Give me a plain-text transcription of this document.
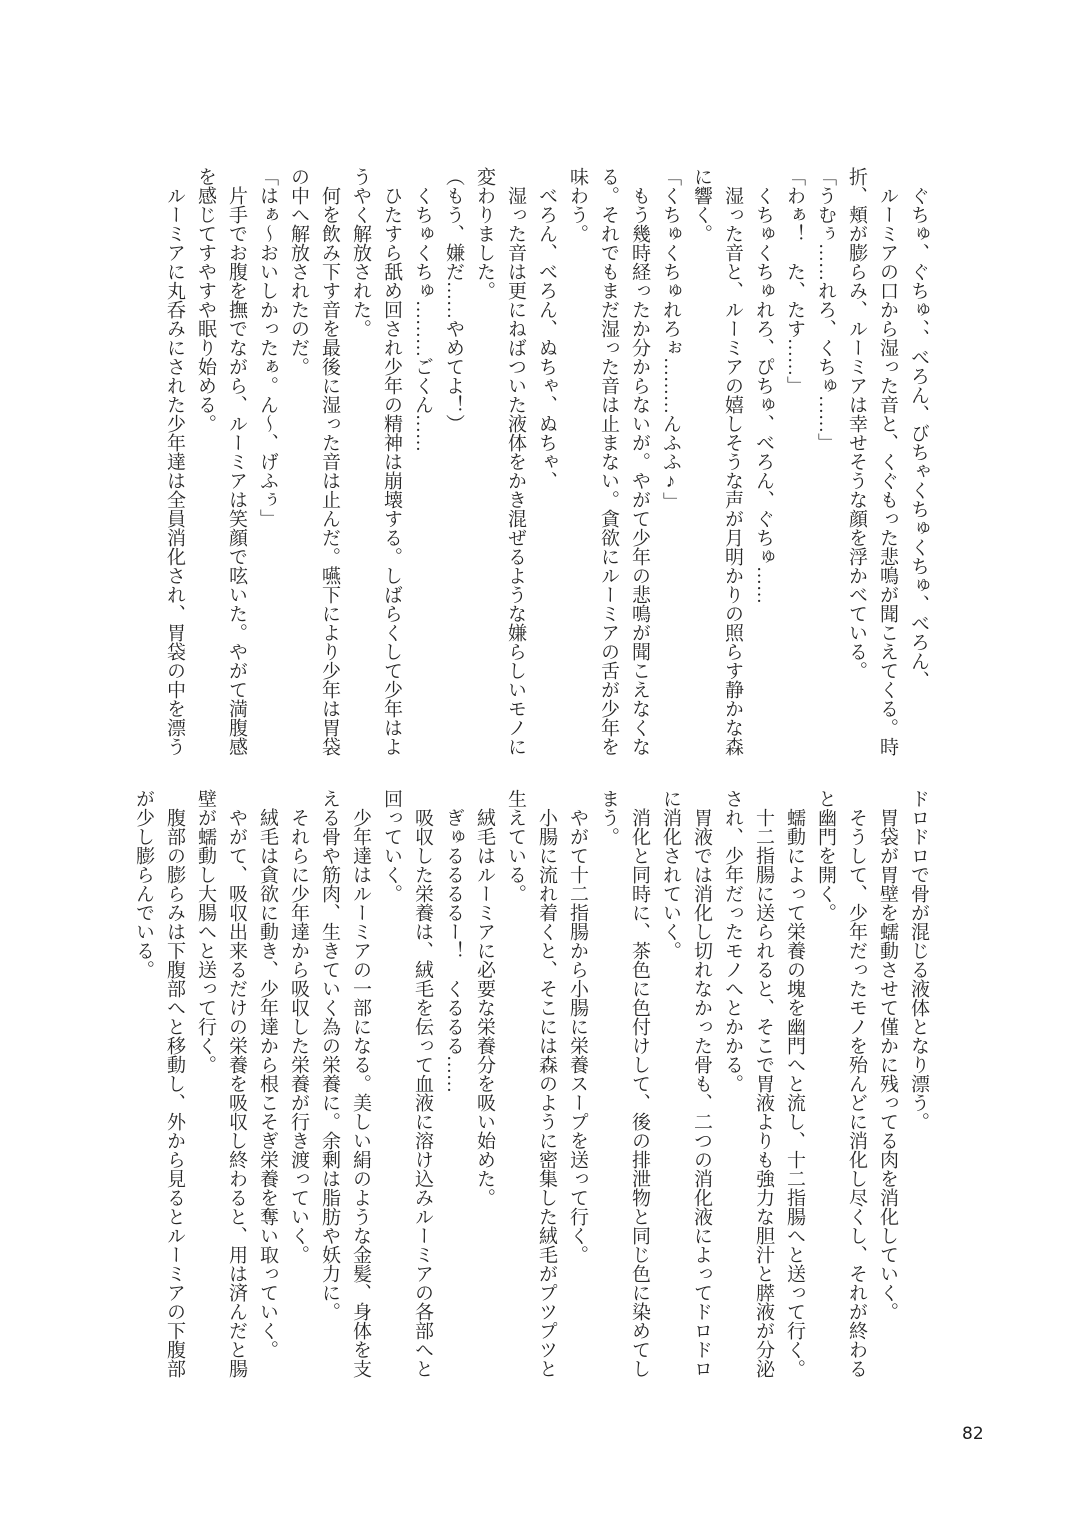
ぐちゅ、ぐちゅ、、べろん、びちゃくちゅくちゅ、べろん、

ルーミアの口から湿った音と、くぐもった悲鳴が聞こえてくる。時折、頬が膨らみ、ルーミアは幸せそうな顔を浮かべている。

「うむぅ……れろ、くちゅ……」

「わぁ！　た、たす……」

くちゅくちゅれろ、ぴちゅ、べろん、ぐちゅ……

湿った音と、ルーミアの嬉しそうな声が月明かりの照らす静かな森に響く。

「くちゅくちゅれろぉ………んふふ♪」

もう幾時経ったか分からないが。やがて少年の悲鳴が聞こえなくなる。それでもまだ湿った音は止まない。貪欲にルーミアの舌が少年を味わう。

べろん、べろん、ぬちゃ、ぬちゃ、

湿った音は更にねばついた液体をかき混ぜるような嫌らしいモノに変わりました。

（もう、嫌だ……やめてよ！）

くちゅくちゅ………ごくん……

ひたすら舐め回され少年の精神は崩壊する。しばらくして少年はようやく解放された。

何を飲み下す音を最後に湿った音は止んだ。嚥下により少年は胃袋の中へ解放されたのだ。

「はぁ～おいしかったぁ。ん～、げふぅ」

片手でお腹を撫でながら、ルーミアは笑顔で呟いた。やがて満腹感を感じてすやすや眠り始める。

ルーミアに丸呑みにされた少年達は全員消化され、胃袋の中を漂う

ドロドロで骨が混じる液体となり漂う。

胃袋が胃壁を蠕動させて僅かに残ってる肉を消化していく。

そうして、少年だったモノを殆んどに消化し尽くし、それが終わると幽門を開く。

蠕動によって栄養の塊を幽門へと流し、十二指腸へと送って行く。

十二指腸に送られると、そこで胃液よりも強力な胆汁と膵液が分泌され、少年だったモノへとかかる。

胃液では消化し切れなかった骨も、二つの消化液によってドロドロに消化されていく。

消化と同時に、茶色に色付けして、後の排泄物と同じ色に染めてしまう。

やがて十二指腸から小腸に栄養スープを送って行く。

小腸に流れ着くと、そこには森のように密集した絨毛がプツプツと生えている。

絨毛はルーミアに必要な栄養分を吸い始めた。

ぎゅるるるるー！　くるるる……

吸収した栄養は、絨毛を伝って血液に溶け込みルーミアの各部へと回っていく。

少年達はルーミアの一部になる。美しい絹のような金髪、身体を支える骨や筋肉、生きていく為の栄養に。余剰は脂肪や妖力に。

それらに少年達から吸収した栄養が行き渡っていく。

絨毛は貪欲に動き、少年達から根こそぎ栄養を奪い取っていく。

やがて、吸収出来るだけの栄養を吸収し終わると、用は済んだと腸壁が蠕動し大腸へと送って行く。

腹部の膨らみは下腹部へと移動し、外から見るとルーミアの下腹部が少し膨らんでいる。

82
